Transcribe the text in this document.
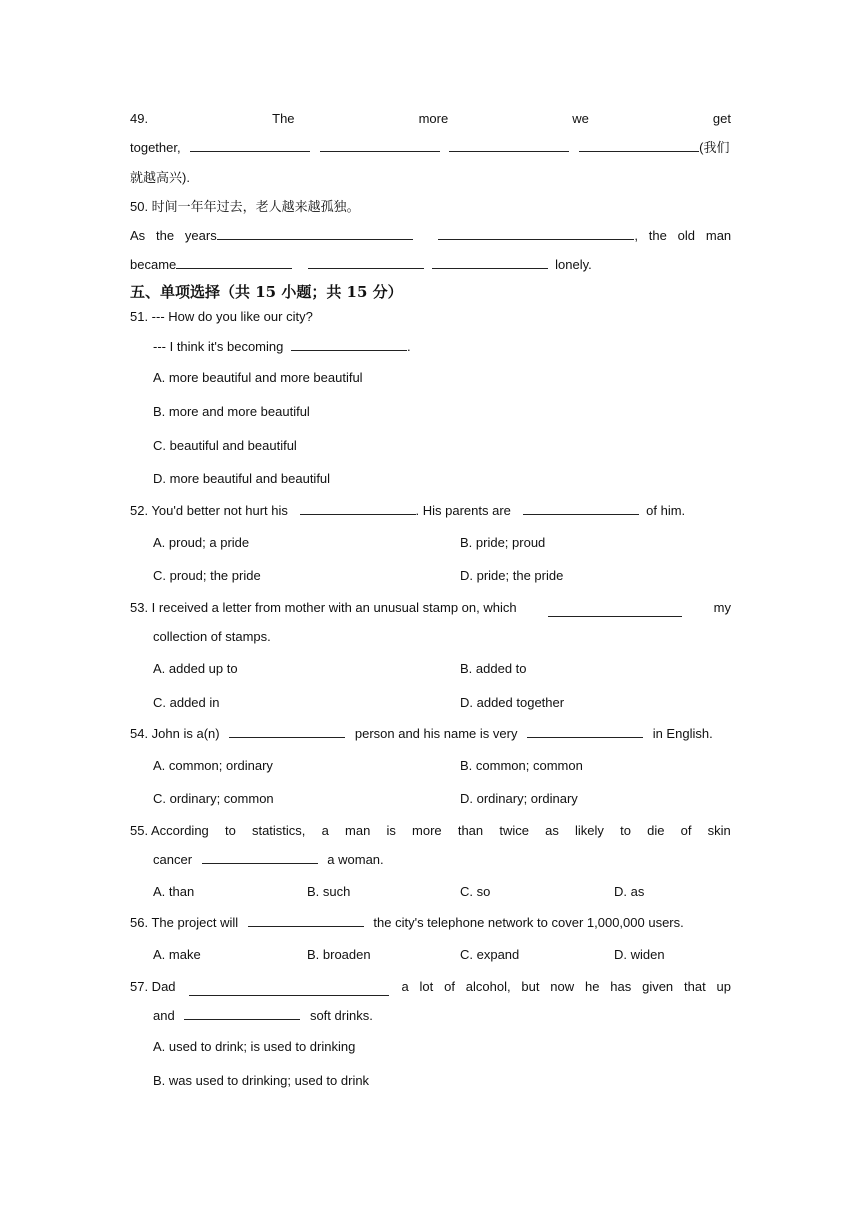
49.	The	more	we	get
together,	(我们
就越高兴).
50. 时间一年年过去，老人越来越孤独。
As   the   years	,   the   old   man
became	lonely.
五、单项选择（共 15 小题；共 15 分）
51. --- How do you like our city?
--- I think it's becoming	.
A. more beautiful and more beautiful
B. more and more beautiful
C. beautiful and beautiful
D. more beautiful and beautiful
52. You'd better not hurt his	. His parents are	of him.
A. proud; a pride	B. pride; proud
C. proud; the pride	D. pride; the pride
53. I received a letter from mother with an unusual stamp on, which	my
collection of stamps.
A. added up to	B. added to
C. added in	D. added together
54. John is a(n)	person and his name is very	in English.
A. common; ordinary	B. common; common
C. ordinary; common	D. ordinary; ordinary
55. According to statistics, a man is more than twice as likely to die of skin
cancer	a woman.
A. than	B. such	C. so	D. as
56. The project will	the city's telephone network to cover 1,000,000 users.
A. make	B. broaden	C. expand	D. widen
57. Dad	a   lot   of   alcohol,   but   now   he   has   given   that   up
and	soft drinks.
A. used to drink; is used to drinking
B. was used to drinking; used to drink
